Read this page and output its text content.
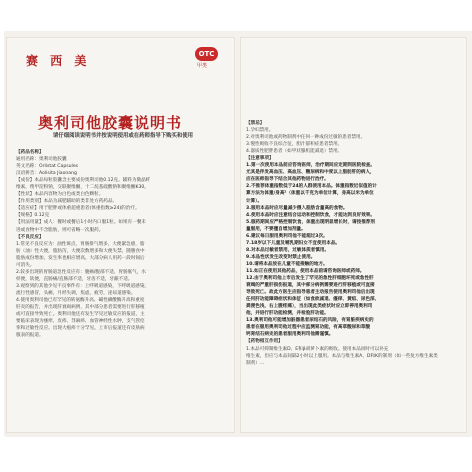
赛 西 美	OTC
甲类
奥利司他胶囊说明书
请仔细阅读说明书并按说明使用或在药师指导下购买和使用
【药品名称】
通用名称：奥利司他胶囊
英文名称：Orlistat Capsules
汉语拼音：Aolisita Jiaonang
【成份】本品每粒胶囊含主要成份奥利司他0.12克。辅料为微晶纤
维素，羧甲淀粉钠，交联聚维酮，十二烷基硫酸钠和聚维酮K30。
【性状】本品内容物为白色或类白色颗粒。
【作用类别】本品为减肥辅助的类非处方药药品。
【适应症】用于肥胖或体重超重患者(体重指数≥24)的治疗。
【规格】0.12克
【用法用量】成人：餐时或餐后1小时内口服1粒。如果有一餐未
进或食物中不含脂肪，则可省略一次服药。
【不良反应】
1.常见不良反应为：油性斑点，胃肠排气增多，大便紧急感，脂
肪（油）性大便，脂肪泻，大便次数增多和大便失禁。随膳食中
脂肪成份增加，发生率也相应增高。大部分病人用药一段时间后
可消失。
2.较多出现的胃肠道急性反应有：腹痛/腹部不适，胃肠胀气，水
样便，软便，直肠痛/直肠部不适，牙齿不适，牙龈不适。
3.观察到的其他少见不良事件有：上呼吸道感染，下呼吸道感染，
流行性感冒，头痛，月经失调，焦虑，疲劳，泌尿道感染。
4.使用奥利司他已有罕见的转氨酶升高、碱性磷酸酶升高和重度
肝炎的报告，并出现肝衰竭病例，其中部分患者需要进行肝移植
或可直接导致死亡。奥利司他还有发生罕见过敏反应的报道，主
要临床表现为瘙痒、皮疹、荨麻疹、血管神经性水肿，支气管痉
挛和过敏性反应。出现大疱疹十分罕见。上市后报道还有皮肤病
服表的报道。
【禁忌】
1.孕妇禁用。
2.对奥利司他或药物制剂中任何一种成份过敏的患者禁用。
3.慢性吸收不良综合征，胆汁郁积症患者禁用。
4.器质性肥胖患者（如甲状腺机能减退）禁用。
【注意事项】
1.第一次使用本品前应咨询医师，治疗期间应定期到医院检查。
尤其是伴发高血压、高血压、糖尿病和中度以上脂肪肝的病人，
应在医师指导下结合其他药物进行治疗。
2.不推荐体重指数低于24的人群使用本品。体重指数近似值的计
算方法为体重/身高²（体重以千克为单位计算，身高以米为单位
计算）。
3.服用本品时应尽量减少摄入脂肪含量高的食物。
4.使用本品时应注意结合运动和控制饮食，才能达到良好效果。
5.服药期间应严格控制饮食，体重出现明显增长时，请按推荐剂
量服用，不要擅自增加剂量。
6.建议每日服用奥利司他不能超过3次。
7.18岁以下儿童及哺乳期妇女不宜使用本品。
8.对本品过敏者禁用，过敏体质者慎用。
9.本品性状发生改变时禁止使用。
10.请将本品放在儿童不能接触的地方。
11.如正在使用其他药品，使用本品前请咨询医师或药师。
12.由于奥利司他上市后发生了罕见的急性肝细胞坏死或急性肝
衰竭的严重肝损伤报道，其中部分病例需要进行肝移植或可直接
导致死亡。故此方医生应指导患者主动报告使用奥利司他后出现
任何肝功能障碍症状和体征（如食欲减退、瘙痒、黄疸、尿色深、
粪便色浅，右上腹疼痛），当出现此类症状时应立即停用奥利司
他，并进行肝功能检测，并检验肝功能。
13.奥利司他可能增加脏器患者尿结石的风险，有肾脏疾病史的
患者在服用奥利司他过程中应监测肾功能，有高草酸尿和草酸
钙肾结石病史的患者服用奥利司他需谨慎。
【药物相互作用】
1.本品可抑制维生素D、E和β胡萝卜素的吸收。使用本品同时可以补充
维生素，但应与本品间隔2小时以上服用。本品与维生素A、D和K的制剂（如一些复方维生素类
制剂）...
